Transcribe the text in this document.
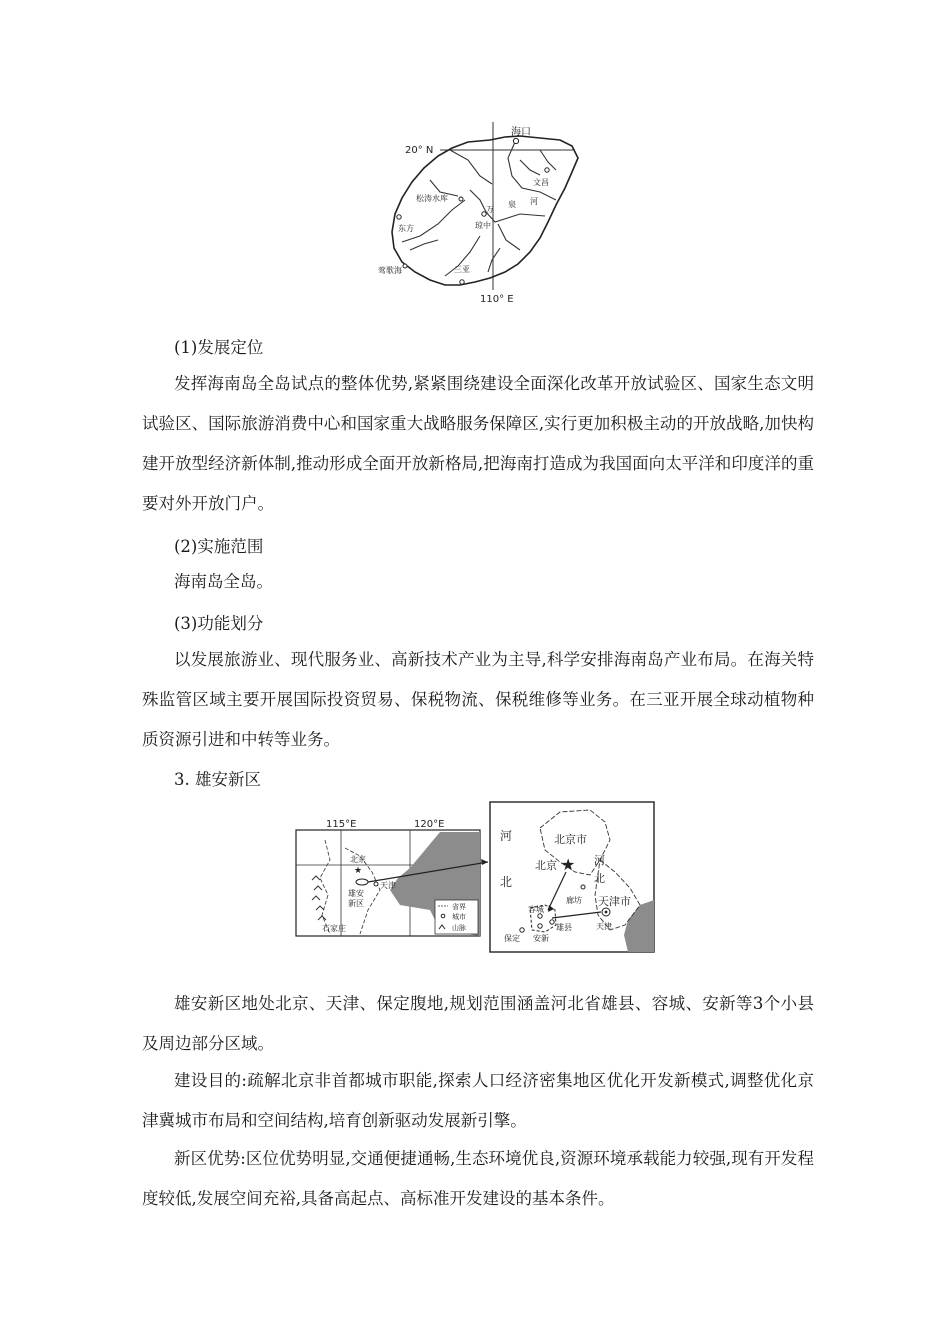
海口
20° N
文昌
松涛水库
万
泉 河
东方	琼中
三亚
莺歌海
110° E

(1)发展定位

发挥海南岛全岛试点的整体优势,紧紧围绕建设全面深化改革开放试验区、国家生态文明试验区、国际旅游消费中心和国家重大战略服务保障区,实行更加积极主动的开放战略,加快构建开放型经济新体制,推动形成全面开放新格局,把海南打造成为我国面向太平洋和印度洋的重要对外开放门户。

(2)实施范围

海南岛全岛。

(3)功能划分

以发展旅游业、现代服务业、高新技术产业为主导,科学安排海南岛产业布局。在海关特殊监管区域主要开展国际投资贸易、保税物流、保税维修等业务。在三亚开展全球动植物种质资源引进和中转等业务。

3. 雄安新区

115°E	120°E
北京
★
天津
雄安
新区
石家庄
省界
城市
山脉
河
北
北京市
北京 ★ 河
北
廊坊 天津市
天津
容城
雄县
安新
保定

雄安新区地处北京、天津、保定腹地,规划范围涵盖河北省雄县、容城、安新等3个小县及周边部分区域。

建设目的:疏解北京非首都城市职能,探索人口经济密集地区优化开发新模式,调整优化京津冀城市布局和空间结构,培育创新驱动发展新引擎。

新区优势:区位优势明显,交通便捷通畅,生态环境优良,资源环境承载能力较强,现有开发程度较低,发展空间充裕,具备高起点、高标准开发建设的基本条件。
